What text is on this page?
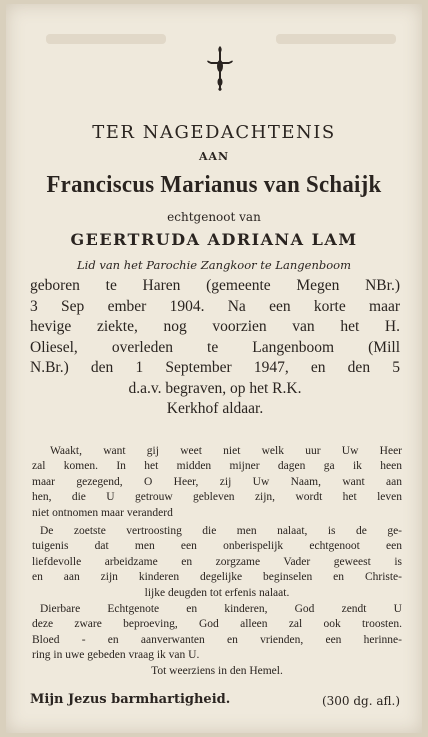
TER NAGEDACHTENIS
AAN
Franciscus Marianus van Schaijk
echtgenoot van
GEERTRUDA ADRIANA LAM
Lid van het Parochie Zangkoor te Langenboom
geboren te Haren (gemeente Megen NBr.)
3 Sep ember 1904. Na een korte maar
hevige ziekte, nog voorzien van het H.
Oliesel, overleden te Langenboom (Mill
N.Br.) den 1 September 1947, en den 5
d.a.v. begraven, op het R.K.
Kerkhof aldaar.
Waakt, want gij weet niet welk uur Uw Heer
zal komen. In het midden mijner dagen ga ik heen
maar gezegend, O Heer, zij Uw Naam, want aan
hen, die U getrouw gebleven zijn, wordt het leven
niet ontnomen maar veranderd
De zoetste vertroosting die men nalaat, is de ge-
tuigenis dat men een onberispelijk echtgenoot een
liefdevolle arbeidzame en zorgzame Vader geweest is
en aan zijn kinderen degelijke beginselen en Christe-
lijke deugden tot erfenis nalaat.
Dierbare Echtgenote en kinderen, God zendt U
deze zware beproeving, God alleen zal ook troosten.
Bloed - en aanverwanten en vrienden, een herinne-
ring in uwe gebeden vraag ik van U.
Tot weerziens in den Hemel.
Mijn Jezus barmhartigheid.	(300 dg. afl.)
